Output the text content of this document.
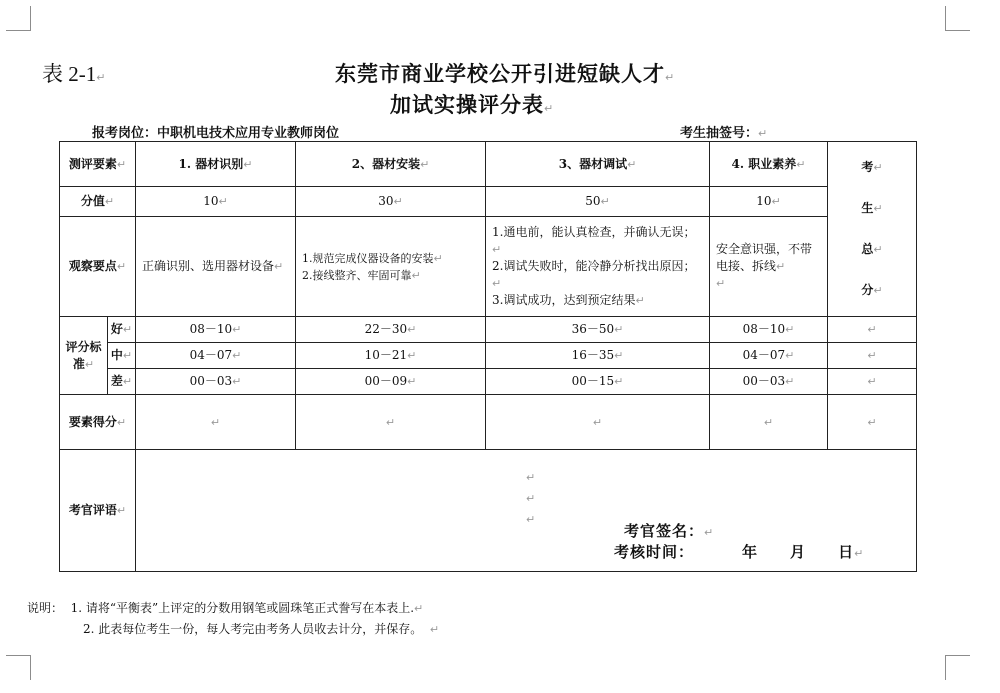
表 2-1↵	东莞市商业学校公开引进短缺人才↵
加试实操评分表↵
报考岗位：中职机电技术应用专业教师岗位	考生抽签号：↵
测评要素↵		1. 器材识别↵	2、器材安装↵	3、器材调试↵	4. 职业素养↵	考↵
生↵
总↵
分↵
分值↵		10↵	30↵	50↵	10↵	
观察要点↵		正确识别、选用器材设备↵	1.规范完成仪器设备的安装↵
2.接线整齐、牢固可靠↵	1.通电前，能认真检查，并确认无误；↵
2.调试失败时，能冷静分析找出原因；↵
3.调试成功，达到预定结果↵	安全意识强，不带电接、拆线↵
↵	
评分标准↵	好↵	08－10↵	22－30↵	36－50↵	08－10↵	↵
	中↵	04－07↵	10－21↵	16－35↵	04－07↵	↵
	差↵	00－03↵	00－09↵	00－15↵	00－03↵	↵
要素得分↵		↵	↵	↵	↵	↵
考官评语↵		↵
↵
↵
考官签名：↵
考核时间： 年 月 日↵				
说明： 1. 请将“平衡表”上评定的分数用钢笔或圆珠笔正式誊写在本表上.↵
2. 此表每位考生一份，每人考完由考务人员收去计分，并保存。 ↵
